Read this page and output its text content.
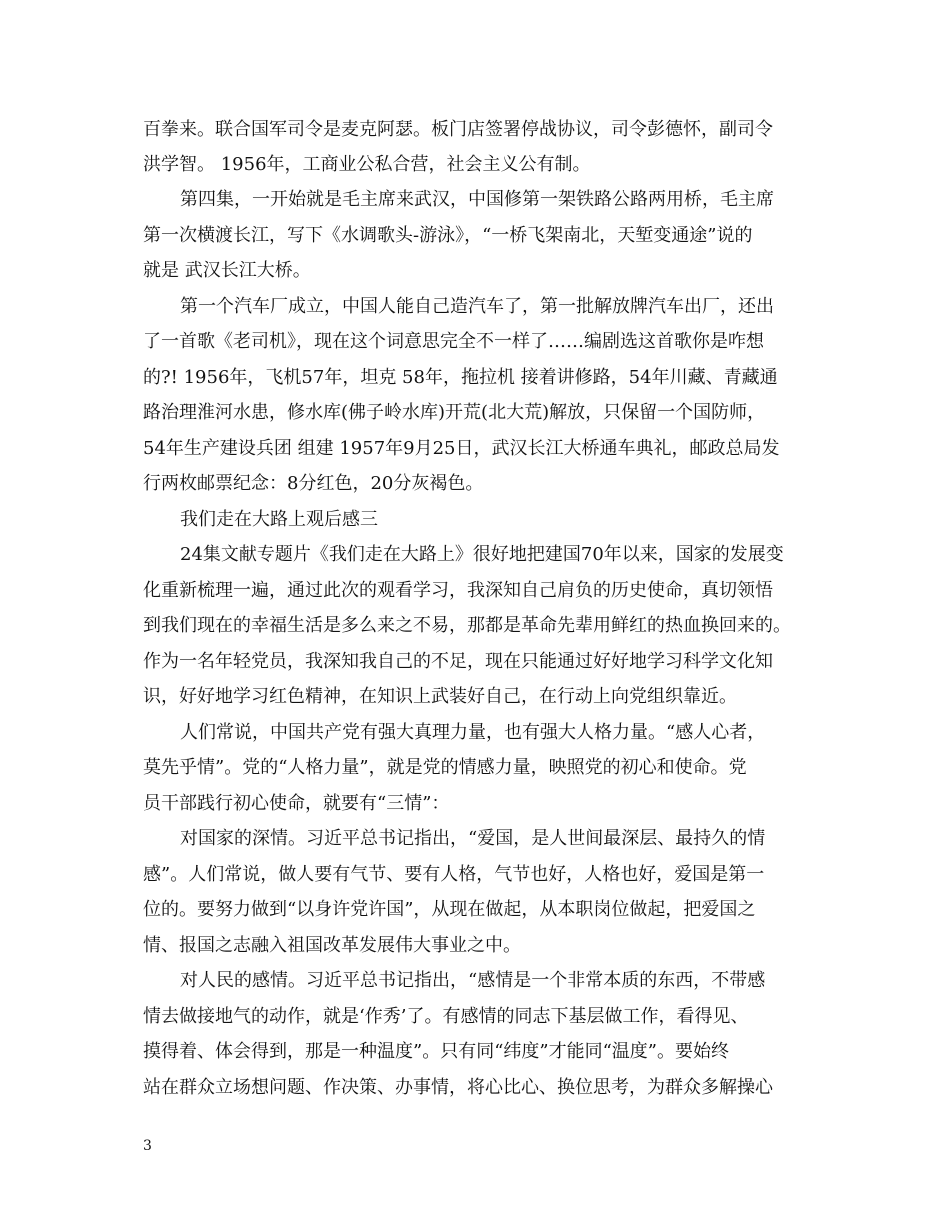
百拳来。联合国军司令是麦克阿瑟。板门店签署停战协议，司令彭德怀，副司令

洪学智。 1956年，工商业公私合营，社会主义公有制。

第四集，一开始就是毛主席来武汉，中国修第一架铁路公路两用桥，毛主席

第一次横渡长江，写下《水调歌头-游泳》，“一桥飞架南北，天堑变通途”说的

就是 武汉长江大桥。

第一个汽车厂成立，中国人能自己造汽车了，第一批解放牌汽车出厂，还出

了一首歌《老司机》，现在这个词意思完全不一样了……编剧选这首歌你是咋想

的?! 1956年，飞机57年，坦克 58年，拖拉机 接着讲修路，54年川藏、青藏通

路治理淮河水患，修水库(佛子岭水库)开荒(北大荒)解放，只保留一个国防师，

54年生产建设兵团 组建 1957年9月25日，武汉长江大桥通车典礼，邮政总局发

行两枚邮票纪念：8分红色，20分灰褐色。

我们走在大路上观后感三

24集文献专题片《我们走在大路上》很好地把建国70年以来，国家的发展变

化重新梳理一遍，通过此次的观看学习，我深知自己肩负的历史使命，真切领悟

到我们现在的幸福生活是多么来之不易，那都是革命先辈用鲜红的热血换回来的。

作为一名年轻党员，我深知我自己的不足，现在只能通过好好地学习科学文化知

识，好好地学习红色精神，在知识上武装好自己，在行动上向党组织靠近。

人们常说，中国共产党有强大真理力量，也有强大人格力量。“感人心者，

莫先乎情”。党的“人格力量”，就是党的情感力量，映照党的初心和使命。党

员干部践行初心使命，就要有“三情”：

对国家的深情。习近平总书记指出，“爱国，是人世间最深层、最持久的情

感”。人们常说，做人要有气节、要有人格，气节也好，人格也好，爱国是第一

位的。要努力做到“以身许党许国”，从现在做起，从本职岗位做起，把爱国之

情、报国之志融入祖国改革发展伟大事业之中。

对人民的感情。习近平总书记指出，“感情是一个非常本质的东西，不带感

情去做接地气的动作，就是‘作秀’了。有感情的同志下基层做工作，看得见、

摸得着、体会得到，那是一种温度”。只有同“纬度”才能同“温度”。要始终

站在群众立场想问题、作决策、办事情，将心比心、换位思考，为群众多解操心

3
